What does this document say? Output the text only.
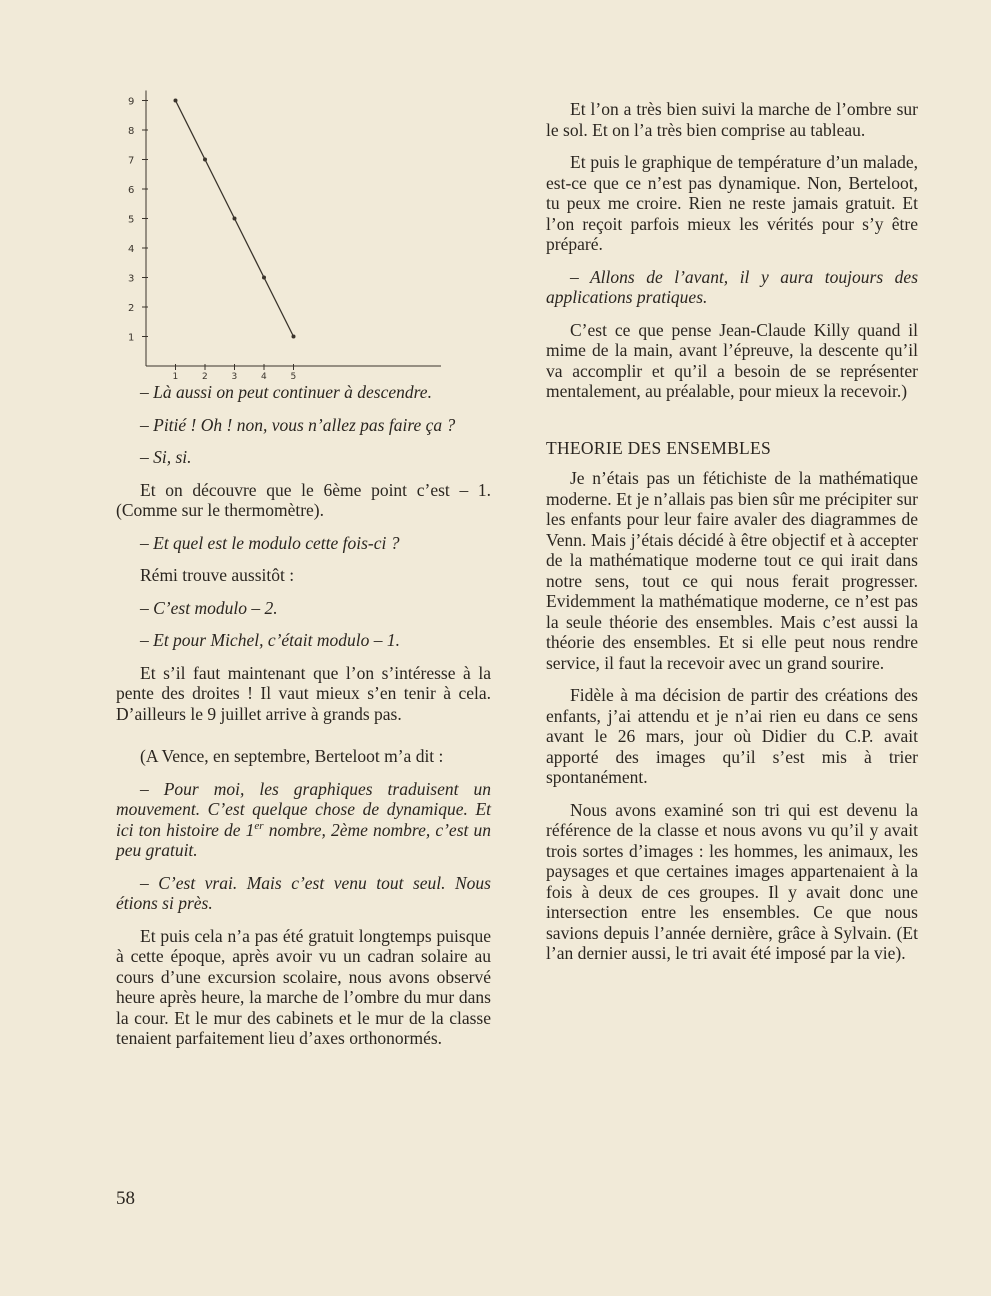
1
2
3
4
5
6
7
8
9
1	2	3	4	5

– Là aussi on peut continuer à descendre.

– Pitié ! Oh ! non, vous n’allez pas faire ça ?

– Si, si.

Et on découvre que le 6ème point c’est – 1. (Comme sur le thermomètre).

– Et quel est le modulo cette fois-ci ?

Rémi trouve aussitôt :

– C’est modulo – 2.

– Et pour Michel, c’était modulo – 1.

Et s’il faut maintenant que l’on s’intéresse à la pente des droites ! Il vaut mieux s’en tenir à cela. D’ailleurs le 9 juillet arrive à grands pas.

(A Vence, en septembre, Berteloot m’a dit :

– Pour moi, les graphiques traduisent un mouvement. C’est quelque chose de dynamique. Et ici ton histoire de 1er nombre, 2ème nombre, c’est un peu gratuit.

– C’est vrai. Mais c’est venu tout seul. Nous étions si près.

Et puis cela n’a pas été gratuit longtemps puisque à cette époque, après avoir vu un cadran solaire au cours d’une excursion scolaire, nous avons observé heure après heure, la marche de l’ombre du mur dans la cour. Et le mur des cabinets et le mur de la classe tenaient parfaitement lieu d’axes orthonormés.

Et l’on a très bien suivi la marche de l’ombre sur le sol. Et on l’a très bien comprise au tableau.

Et puis le graphique de température d’un malade, est-ce que ce n’est pas dynamique. Non, Berteloot, tu peux me croire. Rien ne reste jamais gratuit. Et l’on reçoit parfois mieux les vérités pour s’y être préparé.

– Allons de l’avant, il y aura toujours des applications pratiques.

C’est ce que pense Jean-Claude Killy quand il mime de la main, avant l’épreuve, la descente qu’il va accomplir et qu’il a besoin de se représenter mentalement, au préalable, pour mieux la recevoir.)

THEORIE DES ENSEMBLES

Je n’étais pas un fétichiste de la mathématique moderne. Et je n’allais pas bien sûr me précipiter sur les enfants pour leur faire avaler des diagrammes de Venn. Mais j’étais décidé à être objectif et à accepter de la mathématique moderne tout ce qui irait dans notre sens, tout ce qui nous ferait progresser. Evidemment la mathématique moderne, ce n’est pas la seule théorie des ensembles. Mais c’est aussi la théorie des ensembles. Et si elle peut nous rendre service, il faut la recevoir avec un grand sourire.

Fidèle à ma décision de partir des créations des enfants, j’ai attendu et je n’ai rien eu dans ce sens avant le 26 mars, jour où Didier du C.P. avait apporté des images qu’il s’est mis à trier spontanément.

Nous avons examiné son tri qui est devenu la référence de la classe et nous avons vu qu’il y avait trois sortes d’images : les hommes, les animaux, les paysages et que certaines images appartenaient à la fois à deux de ces groupes. Il y avait donc une intersection entre les ensembles. Ce que nous savions depuis l’année dernière, grâce à Sylvain. (Et l’an dernier aussi, le tri avait été imposé par la vie).

58
